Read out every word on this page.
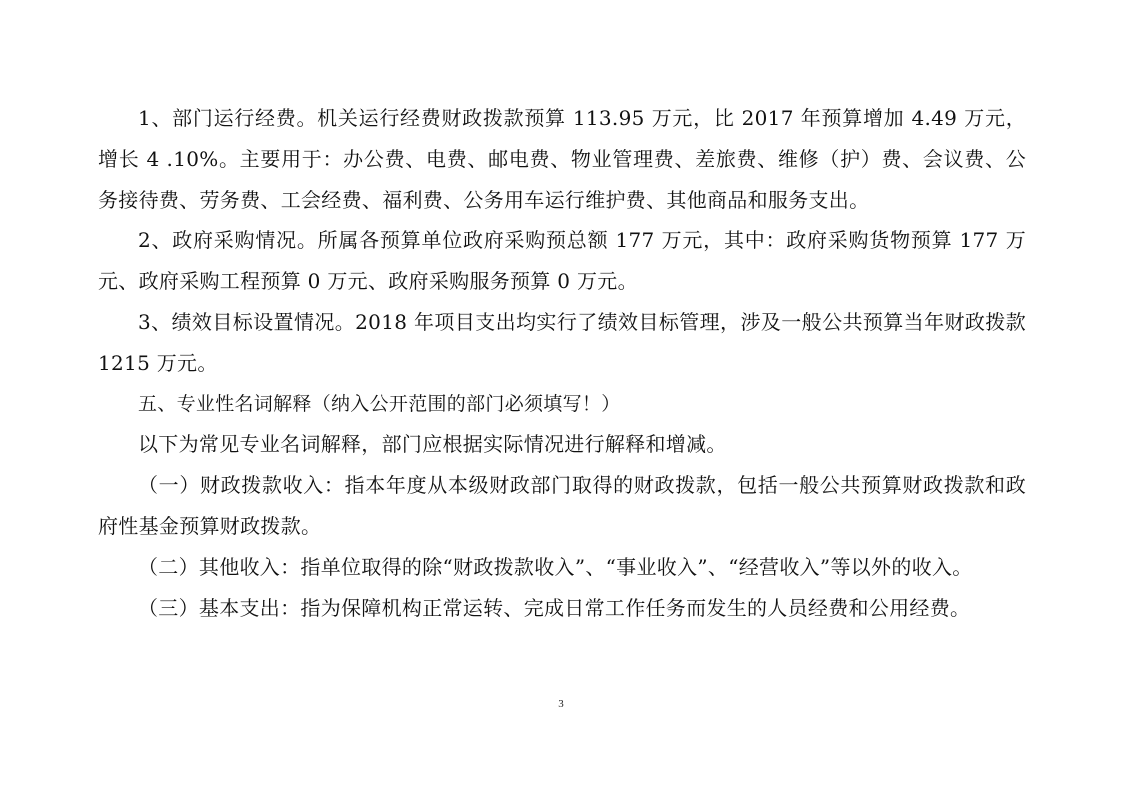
1、部门运行经费。机关运行经费财政拨款预算 113.95 万元，比 2017 年预算增加 4.49 万元，增长 4 .10%。主要用于：办公费、电费、邮电费、物业管理费、差旅费、维修（护）费、会议费、公务接待费、劳务费、工会经费、福利费、公务用车运行维护费、其他商品和服务支出。

2、政府采购情况。所属各预算单位政府采购预总额 177 万元，其中：政府采购货物预算 177 万元、政府采购工程预算 0 万元、政府采购服务预算 0 万元。

3、绩效目标设置情况。2018 年项目支出均实行了绩效目标管理，涉及一般公共预算当年财政拨款 1215 万元。

五、专业性名词解释（纳入公开范围的部门必须填写！）

以下为常见专业名词解释，部门应根据实际情况进行解释和增减。

（一）财政拨款收入：指本年度从本级财政部门取得的财政拨款，包括一般公共预算财政拨款和政府性基金预算财政拨款。

（二）其他收入：指单位取得的除“财政拨款收入”、“事业收入”、“经营收入”等以外的收入。

（三）基本支出：指为保障机构正常运转、完成日常工作任务而发生的人员经费和公用经费。

3
